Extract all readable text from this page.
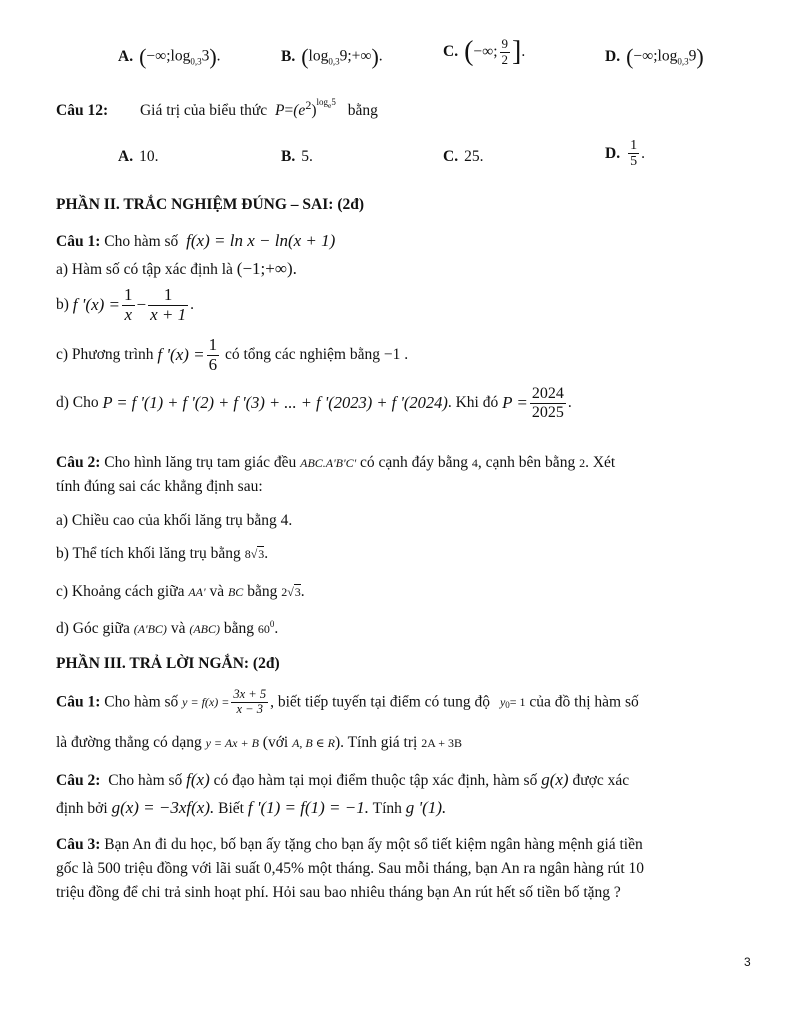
A. $(-\infty;\log_{0,3}3)$.	B. $(\log_{0,3}9;+\infty)$.	C. (−∞; $\frac{9}{2}$ ].	D. $(-\infty;\log_{0,3}9)$
Câu 12: Giá trị của biểu thức $P=(e^2)^{log_e5}$ bằng
A. 10.	B. 5.	C. 25.	D. $\frac{1}{5}$ .
PHẦN II. TRẮC NGHIỆM ĐÚNG – SAI: (2đ)
Câu 1: Cho hàm số f(x) = ln x − ln(x + 1)
a) Hàm số có tập xác định là (−1;+∞).
b) f '$(x) = \frac{1}{x} - \frac{1}{x + 1}$ .
c) Phương trình f '$(x) = \frac{1}{6}$ có tổng các nghiệm bằng −1 .
d) Cho P = f '(1) + f '(2) + f '(3) + ... + f '(2023) + f '(2024). Khi đó $P = \frac{2024}{2025}$ .
Câu 2: Cho hình lăng trụ tam giác đều ABC.A'B'C' có cạnh đáy bằng 4, cạnh bên bằng 2. Xét
tính đúng sai các khẳng định sau:
a) Chiều cao của khối lăng trụ bằng 4.
b) Thể tích khối lăng trụ bằng 8√3.
c) Khoảng cách giữa AA' và BC bằng 2√3.
d) Góc giữa (A'BC) và (ABC) bằng $60^0$.
PHẦN III. TRẢ LỜI NGẮN: (2đ)
Câu 1: Cho hàm số $y = f(x) = \frac{3x + 5}{x - 3}$ , biết tiếp tuyến tại điểm có tung độ $y_0= 1$ của đồ thị hàm số
là đường thẳng có dạng y = Ax + B (với A, B ∈ R). Tính giá trị 2A + 3B
Câu 2: Cho hàm số f(x) có đạo hàm tại mọi điểm thuộc tập xác định, hàm số g(x) được xác
định bởi g(x) = −3xf(x). Biết f '(1) = f(1) = −1. Tính g '(1).
Câu 3: Bạn An đi du học, bố bạn ấy tặng cho bạn ấy một sổ tiết kiệm ngân hàng mệnh giá tiền
gốc là 500 triệu đồng với lãi suất 0,45% một tháng. Sau mỗi tháng, bạn An ra ngân hàng rút 10
triệu đồng để chi trả sinh hoạt phí. Hỏi sau bao nhiêu tháng bạn An rút hết số tiền bố tặng ?
3
